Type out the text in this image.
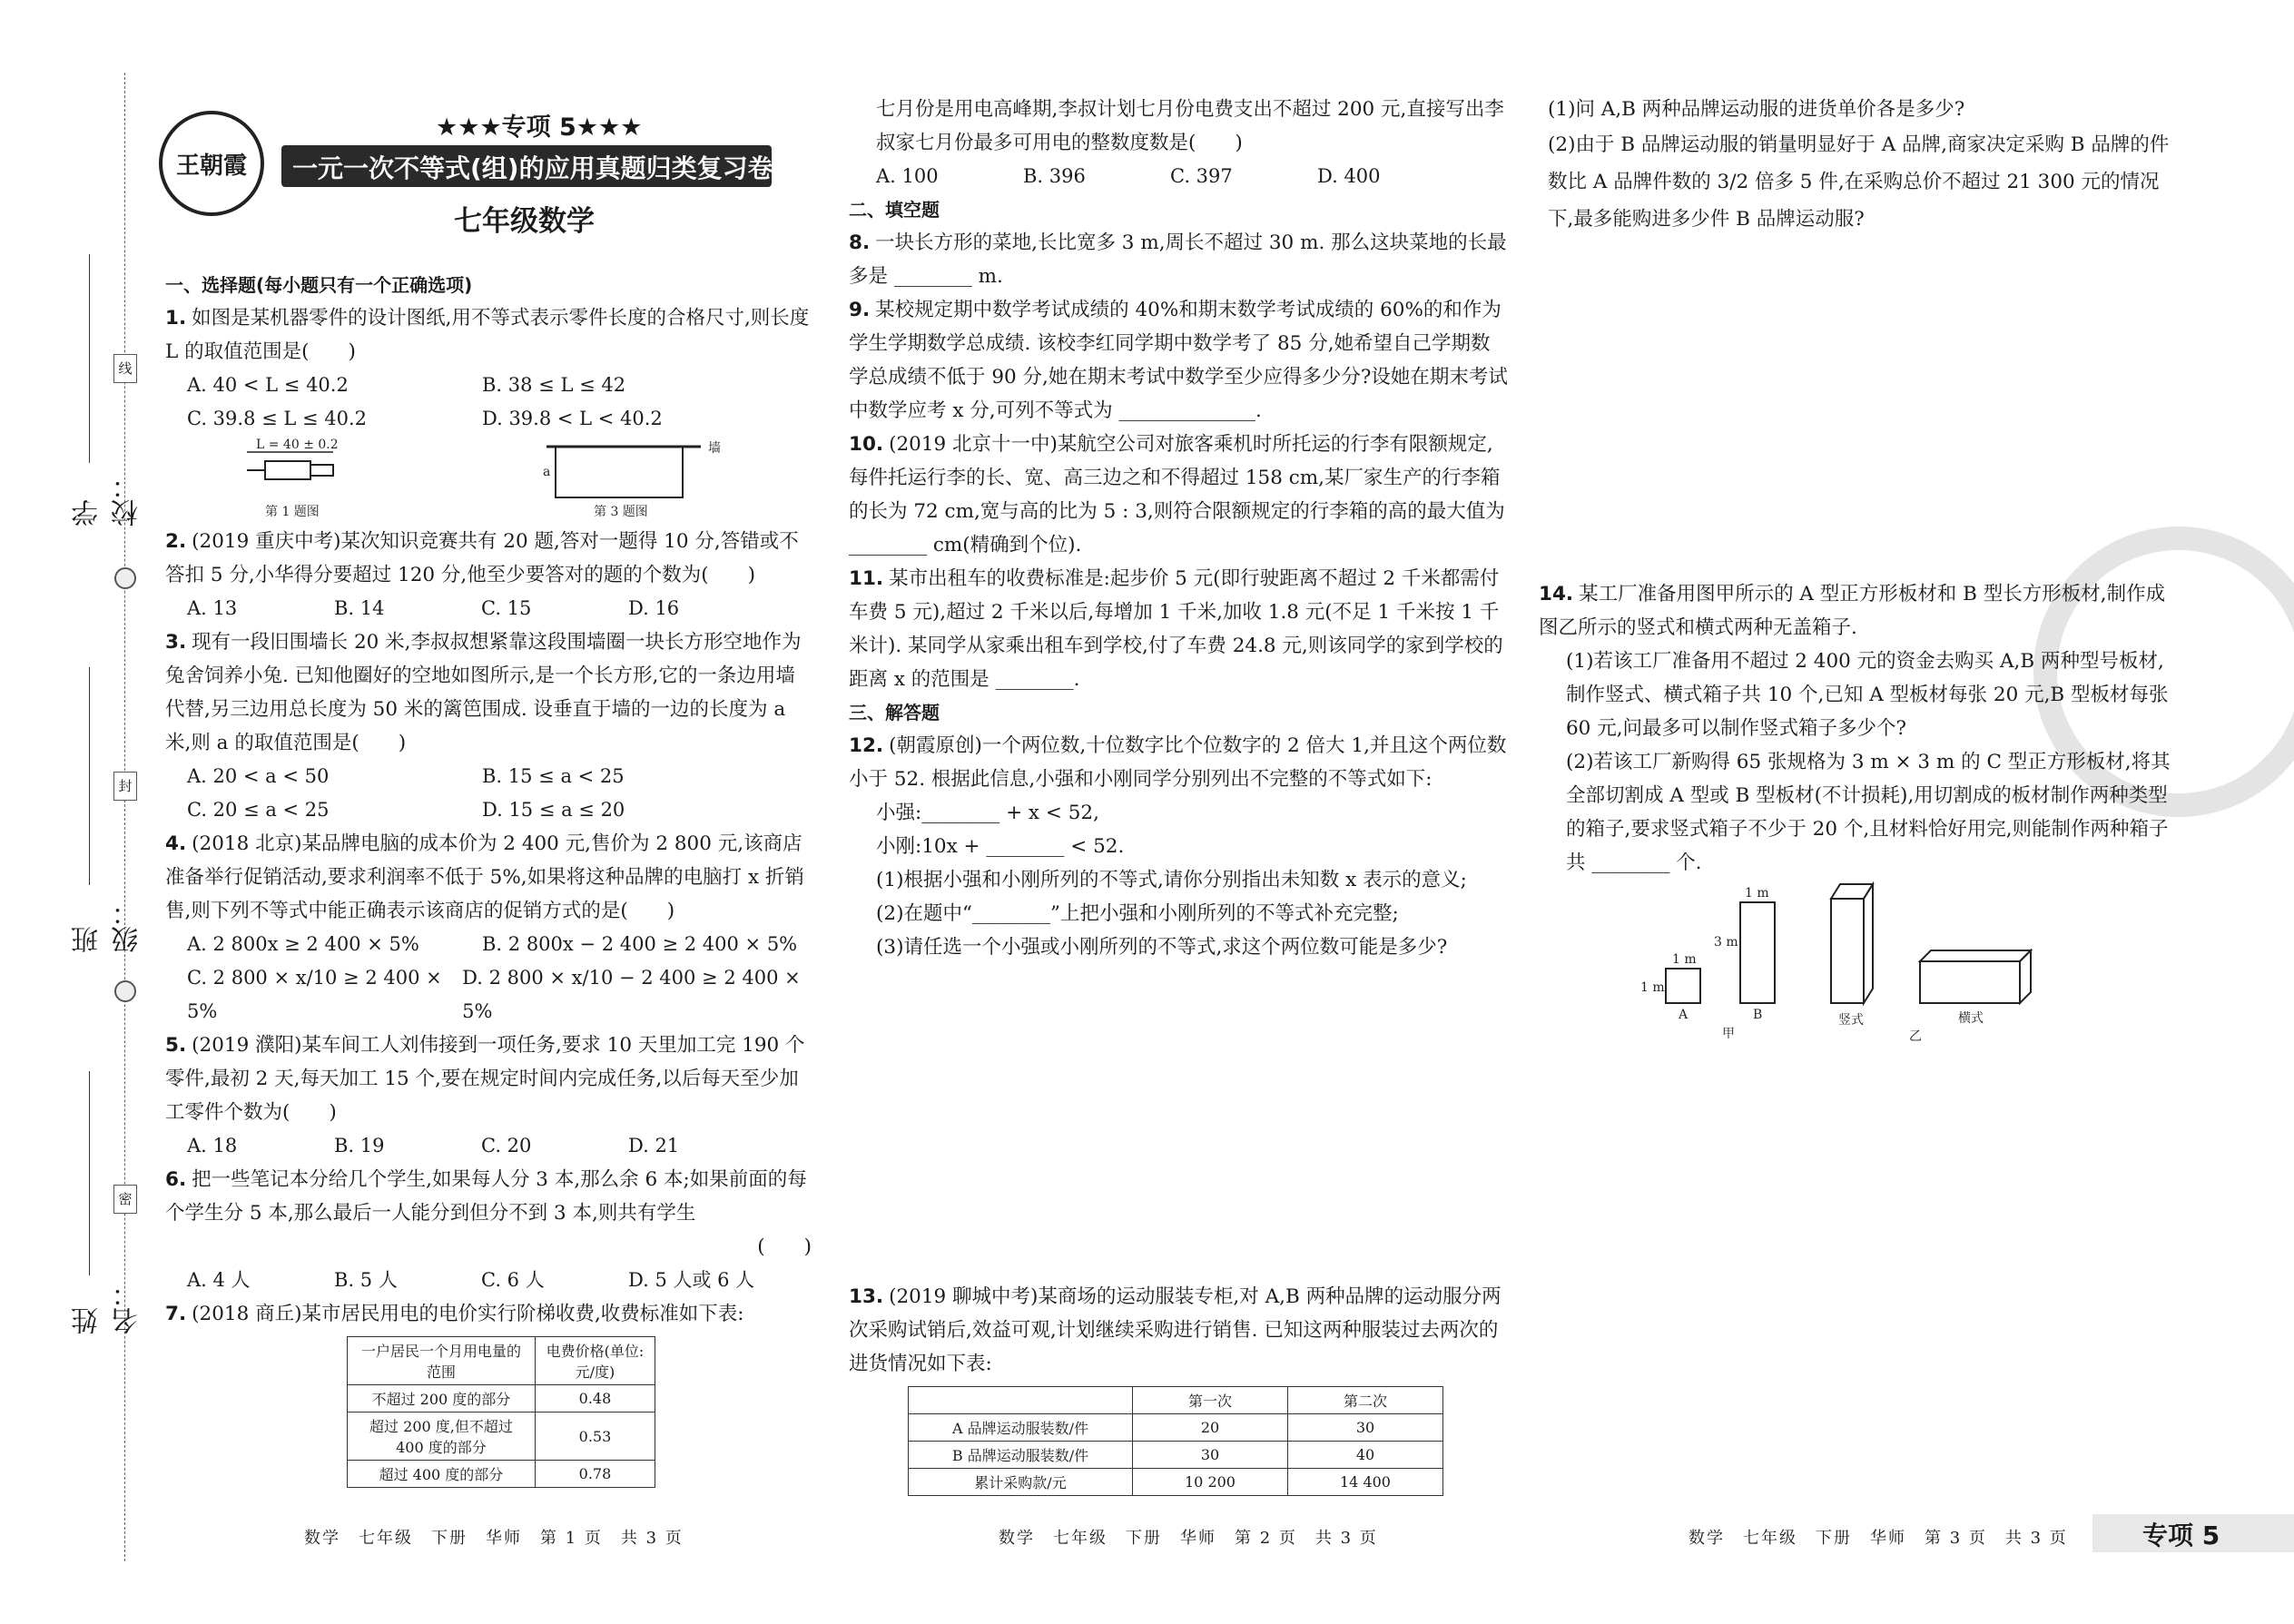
学校：
班级：
姓名：
线
封
密
王朝霞
★★★专项 5★★★
一元一次不等式(组)的应用真题归类复习卷
七年级数学
一、选择题(每小题只有一个正确选项)
1. 如图是某机器零件的设计图纸,用不等式表示零件长度的合格尺寸,则长度 L 的取值范围是(　　)
A. 40 < L ≤ 40.2	B. 38 ≤ L ≤ 42
C. 39.8 ≤ L ≤ 40.2	D. 39.8 < L < 40.2
L = 40 ± 0.2
第 1 题图
墙
a
第 3 题图
2. (2019 重庆中考)某次知识竞赛共有 20 题,答对一题得 10 分,答错或不答扣 5 分,小华得分要超过 120 分,他至少要答对的题的个数为(　　)
A. 13	B. 14	C. 15	D. 16
3. 现有一段旧围墙长 20 米,李叔叔想紧靠这段围墙圈一块长方形空地作为兔舍饲养小兔. 已知他圈好的空地如图所示,是一个长方形,它的一条边用墙代替,另三边用总长度为 50 米的篱笆围成. 设垂直于墙的一边的长度为 a 米,则 a 的取值范围是(　　)
A. 20 < a < 50	B. 15 ≤ a < 25
C. 20 ≤ a < 25	D. 15 ≤ a ≤ 20
4. (2018 北京)某品牌电脑的成本价为 2 400 元,售价为 2 800 元,该商店准备举行促销活动,要求利润率不低于 5%,如果将这种品牌的电脑打 x 折销售,则下列不等式中能正确表示该商店的促销方式的是(　　)
A. 2 800x ≥ 2 400 × 5%	B. 2 800x − 2 400 ≥ 2 400 × 5%
C. 2 800 × x/10 ≥ 2 400 × 5%
D. 2 800 × x/10 − 2 400 ≥ 2 400 × 5%
5. (2019 濮阳)某车间工人刘伟接到一项任务,要求 10 天里加工完 190 个零件,最初 2 天,每天加工 15 个,要在规定时间内完成任务,以后每天至少加工零件个数为(　　)
A. 18	B. 19	C. 20	D. 21
6. 把一些笔记本分给几个学生,如果每人分 3 本,那么余 6 本;如果前面的每个学生分 5 本,那么最后一人能分到但分不到 3 本,则共有学生
(　　)
A. 4 人	B. 5 人	C. 6 人	D. 5 人或 6 人
7. (2018 商丘)某市居民用电的电价实行阶梯收费,收费标准如下表:
一户居民一个月用电量的范围	电费价格(单位:元/度)
不超过 200 度的部分	0.48
超过 200 度,但不超过 400 度的部分	0.53
超过 400 度的部分	0.78
数学　七年级　下册　华师　第 1 页　共 3 页
七月份是用电高峰期,李叔计划七月份电费支出不超过 200 元,直接写出李叔家七月份最多可用电的整数度数是(　　)
A. 100	B. 396	C. 397	D. 400
二、填空题
8. 一块长方形的菜地,长比宽多 3 m,周长不超过 30 m. 那么这块菜地的长最多是 ________ m.
9. 某校规定期中数学考试成绩的 40%和期末数学考试成绩的 60%的和作为学生学期数学总成绩. 该校李红同学期中数学考了 85 分,她希望自己学期数学总成绩不低于 90 分,她在期末考试中数学至少应得多少分?设她在期末考试中数学应考 x 分,可列不等式为 ______________.
10. (2019 北京十一中)某航空公司对旅客乘机时所托运的行李有限额规定,每件托运行李的长、宽、高三边之和不得超过 158 cm,某厂家生产的行李箱的长为 72 cm,宽与高的比为 5 : 3,则符合限额规定的行李箱的高的最大值为 ________ cm(精确到个位).
11. 某市出租车的收费标准是:起步价 5 元(即行驶距离不超过 2 千米都需付车费 5 元),超过 2 千米以后,每增加 1 千米,加收 1.8 元(不足 1 千米按 1 千米计). 某同学从家乘出租车到学校,付了车费 24.8 元,则该同学的家到学校的距离 x 的范围是 ________.
三、解答题
12. (朝霞原创)一个两位数,十位数字比个位数字的 2 倍大 1,并且这个两位数小于 52. 根据此信息,小强和小刚同学分别列出不完整的不等式如下:
小强:________ + x < 52,
小刚:10x + ________ < 52.
(1)根据小强和小刚所列的不等式,请你分别指出未知数 x 表示的意义;
(2)在题中“________”上把小强和小刚所列的不等式补充完整;
(3)请任选一个小强或小刚所列的不等式,求这个两位数可能是多少?
13. (2019 聊城中考)某商场的运动服装专柜,对 A,B 两种品牌的运动服分两次采购试销后,效益可观,计划继续采购进行销售. 已知这两种服装过去两次的进货情况如下表:
	第一次	第二次
A 品牌运动服装数/件	20	30
B 品牌运动服装数/件	30	40
累计采购款/元	10 200	14 400
数学　七年级　下册　华师　第 2 页　共 3 页
(1)问 A,B 两种品牌运动服的进货单价各是多少?
(2)由于 B 品牌运动服的销量明显好于 A 品牌,商家决定采购 B 品牌的件数比 A 品牌件数的 3/2 倍多 5 件,在采购总价不超过 21 300 元的情况下,最多能购进多少件 B 品牌运动服?
14. 某工厂准备用图甲所示的 A 型正方形板材和 B 型长方形板材,制作成图乙所示的竖式和横式两种无盖箱子.
(1)若该工厂准备用不超过 2 400 元的资金去购买 A,B 两种型号板材,制作竖式、横式箱子共 10 个,已知 A 型板材每张 20 元,B 型板材每张 60 元,问最多可以制作竖式箱子多少个?
(2)若该工厂新购得 65 张规格为 3 m × 3 m 的 C 型正方形板材,将其全部切割成 A 型或 B 型板材(不计损耗),用切割成的板材制作两种类型的箱子,要求竖式箱子不少于 20 个,且材料恰好用完,则能制作两种箱子共 ________ 个.
1 m
1 m
A
3 m
1 m
B
甲
竖式	横式
乙
数学　七年级　下册　华师　第 3 页　共 3 页	专项 5
